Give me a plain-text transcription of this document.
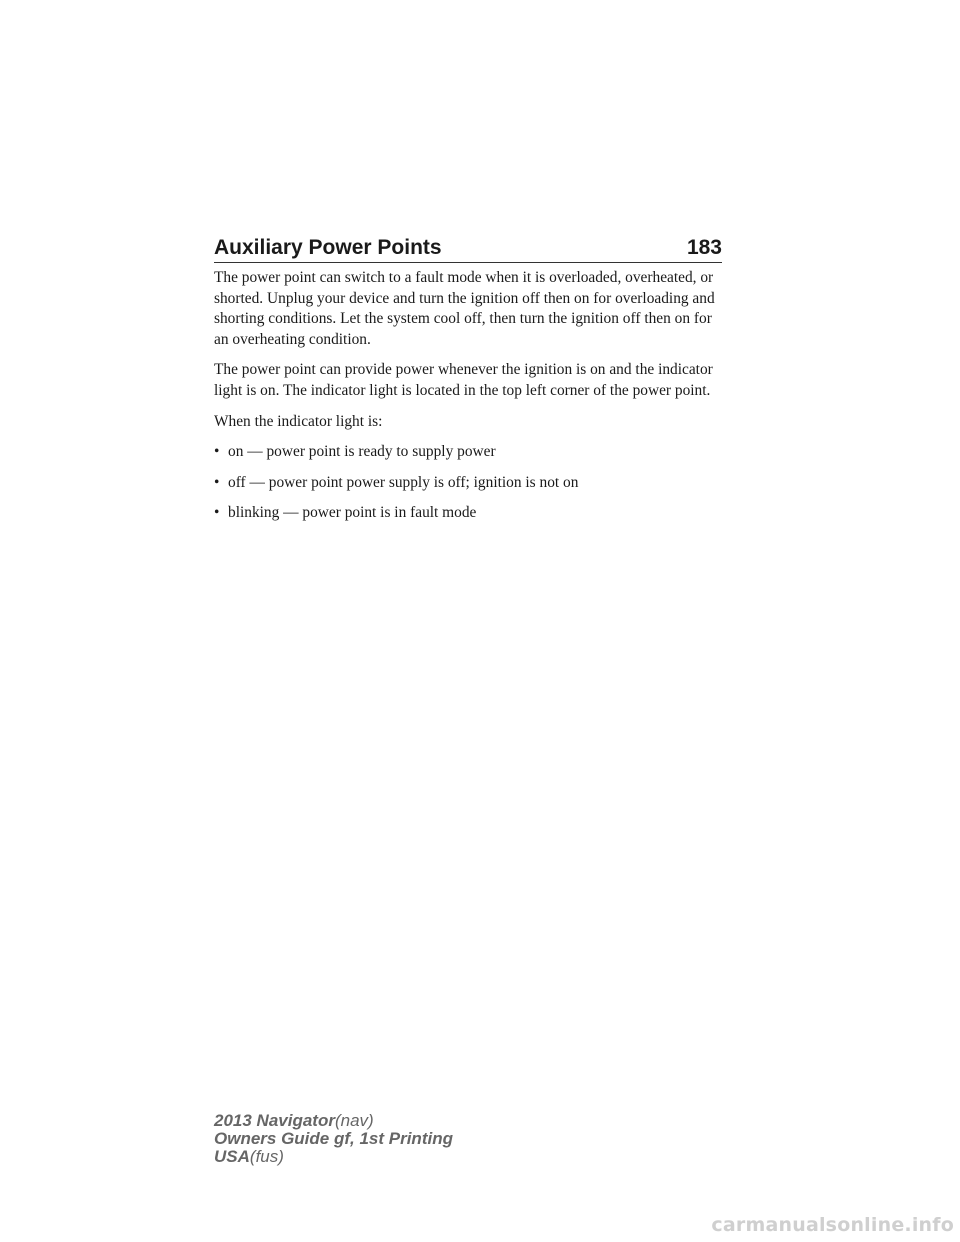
Auxiliary Power Points	183

The power point can switch to a fault mode when it is overloaded, overheated, or shorted. Unplug your device and turn the ignition off then on for overloading and shorting conditions. Let the system cool off, then turn the ignition off then on for an overheating condition.

The power point can provide power whenever the ignition is on and the indicator light is on. The indicator light is located in the top left corner of the power point.

When the indicator light is:

• on — power point is ready to supply power
• off — power point power supply is off; ignition is not on
• blinking — power point is in fault mode
2013 Navigator(nav)
Owners Guide gf, 1st Printing
USA(fus)
carmanualsonline.info
